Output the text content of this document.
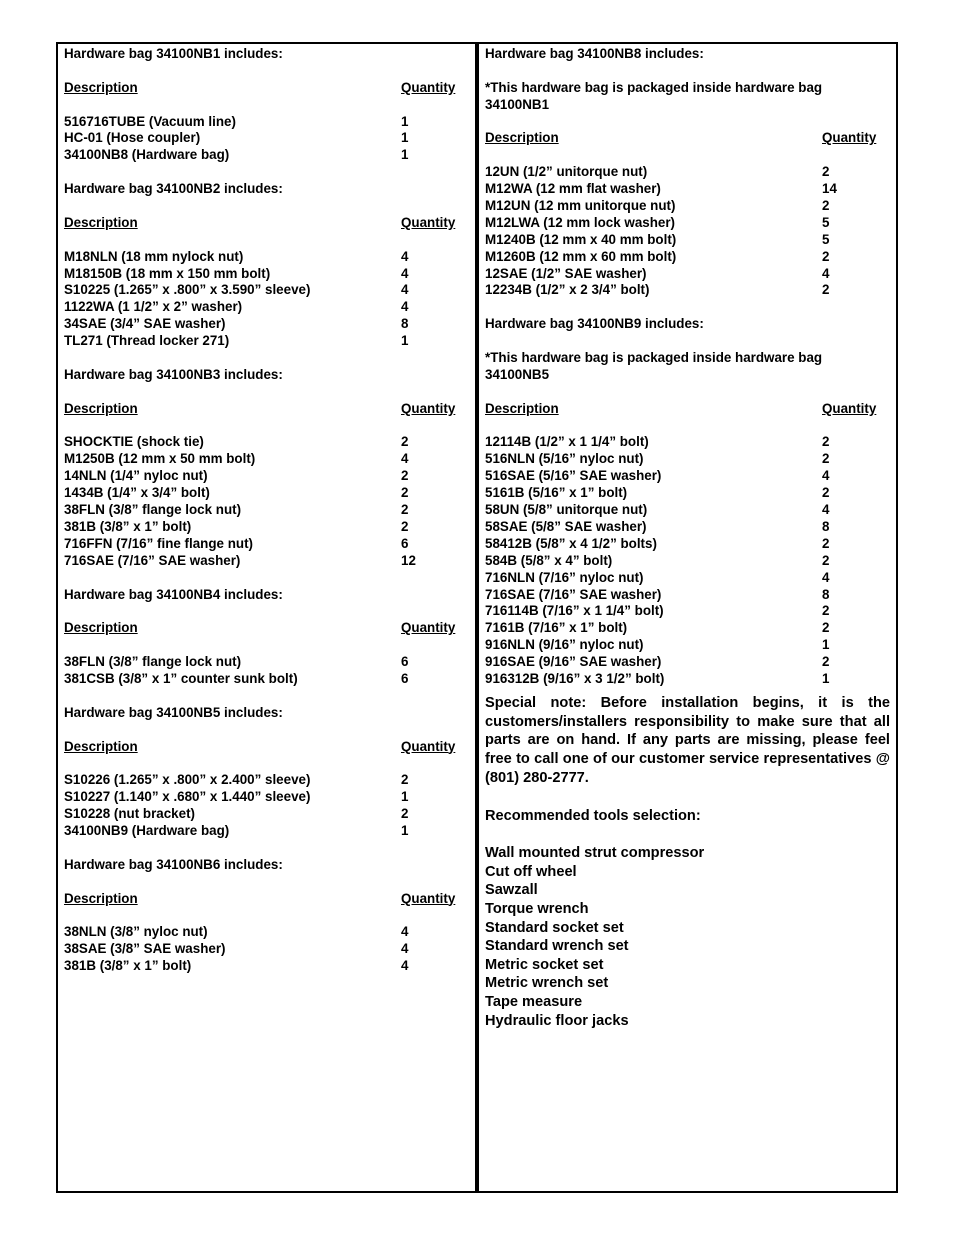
Hardware bag 34100NB1 includes:
Description	Quantity
516716TUBE (Vacuum line)	1
HC-01 (Hose coupler)	1
34100NB8 (Hardware bag)	1
Hardware bag 34100NB2 includes:
Description	Quantity
M18NLN (18 mm nylock nut)	4
M18150B (18 mm x 150 mm bolt)	4
S10225 (1.265” x .800” x 3.590” sleeve)	4
1122WA (1 1/2” x 2” washer)	4
34SAE (3/4” SAE washer)	8
TL271 (Thread locker 271)	1
Hardware bag 34100NB3 includes:
Description	Quantity
SHOCKTIE (shock tie)	2
M1250B (12 mm x 50 mm bolt)	4
14NLN (1/4” nyloc nut)	2
1434B (1/4” x 3/4” bolt)	2
38FLN (3/8” flange lock nut)	2
381B (3/8” x 1” bolt)	2
716FFN (7/16” fine flange nut)	6
716SAE (7/16” SAE washer)	12
Hardware bag 34100NB4 includes:
Description	Quantity
38FLN (3/8” flange lock nut)	6
381CSB (3/8” x 1” counter sunk bolt)	6
Hardware bag 34100NB5 includes:
Description	Quantity
S10226 (1.265” x .800” x 2.400” sleeve)	2
S10227 (1.140” x .680” x 1.440” sleeve)	1
S10228 (nut bracket)	2
34100NB9 (Hardware bag)	1
Hardware bag 34100NB6 includes:
Description	Quantity
38NLN (3/8” nyloc nut)	4
38SAE (3/8” SAE washer)	4
381B (3/8” x 1” bolt)	4
Hardware bag 34100NB8 includes:
*This hardware bag is packaged inside hardware bag
34100NB1
Description	Quantity
12UN (1/2” unitorque nut)	2
M12WA (12 mm flat washer)	14
M12UN (12 mm unitorque nut)	2
M12LWA (12 mm lock washer)	5
M1240B (12 mm x 40 mm bolt)	5
M1260B (12 mm x 60 mm bolt)	2
12SAE (1/2” SAE washer)	4
12234B (1/2” x 2 3/4” bolt)	2
Hardware bag 34100NB9 includes:
*This hardware bag is packaged inside hardware bag
34100NB5
Description	Quantity
12114B (1/2” x 1 1/4” bolt)	2
516NLN (5/16” nyloc nut)	2
516SAE (5/16” SAE washer)	4
5161B (5/16” x 1” bolt)	2
58UN (5/8” unitorque nut)	4
58SAE (5/8” SAE washer)	8
58412B (5/8” x 4 1/2” bolts)	2
584B (5/8” x 4” bolt)	2
716NLN (7/16” nyloc nut)	4
716SAE (7/16” SAE washer)	8
716114B (7/16” x 1 1/4” bolt)	2
7161B (7/16” x 1” bolt)	2
916NLN (9/16” nyloc nut)	1
916SAE (9/16” SAE washer)	2
916312B (9/16” x 3 1/2” bolt)	1
Special note: Before installation begins, it is the customers/installers responsibility to make sure that all parts are on hand. If any parts are missing, please feel free to call one of our customer service representatives @ (801) 280-2777.
Recommended tools selection:
Wall mounted strut compressor
Cut off wheel
Sawzall
Torque wrench
Standard socket set
Standard wrench set
Metric socket set
Metric wrench set
Tape measure
Hydraulic floor jacks
